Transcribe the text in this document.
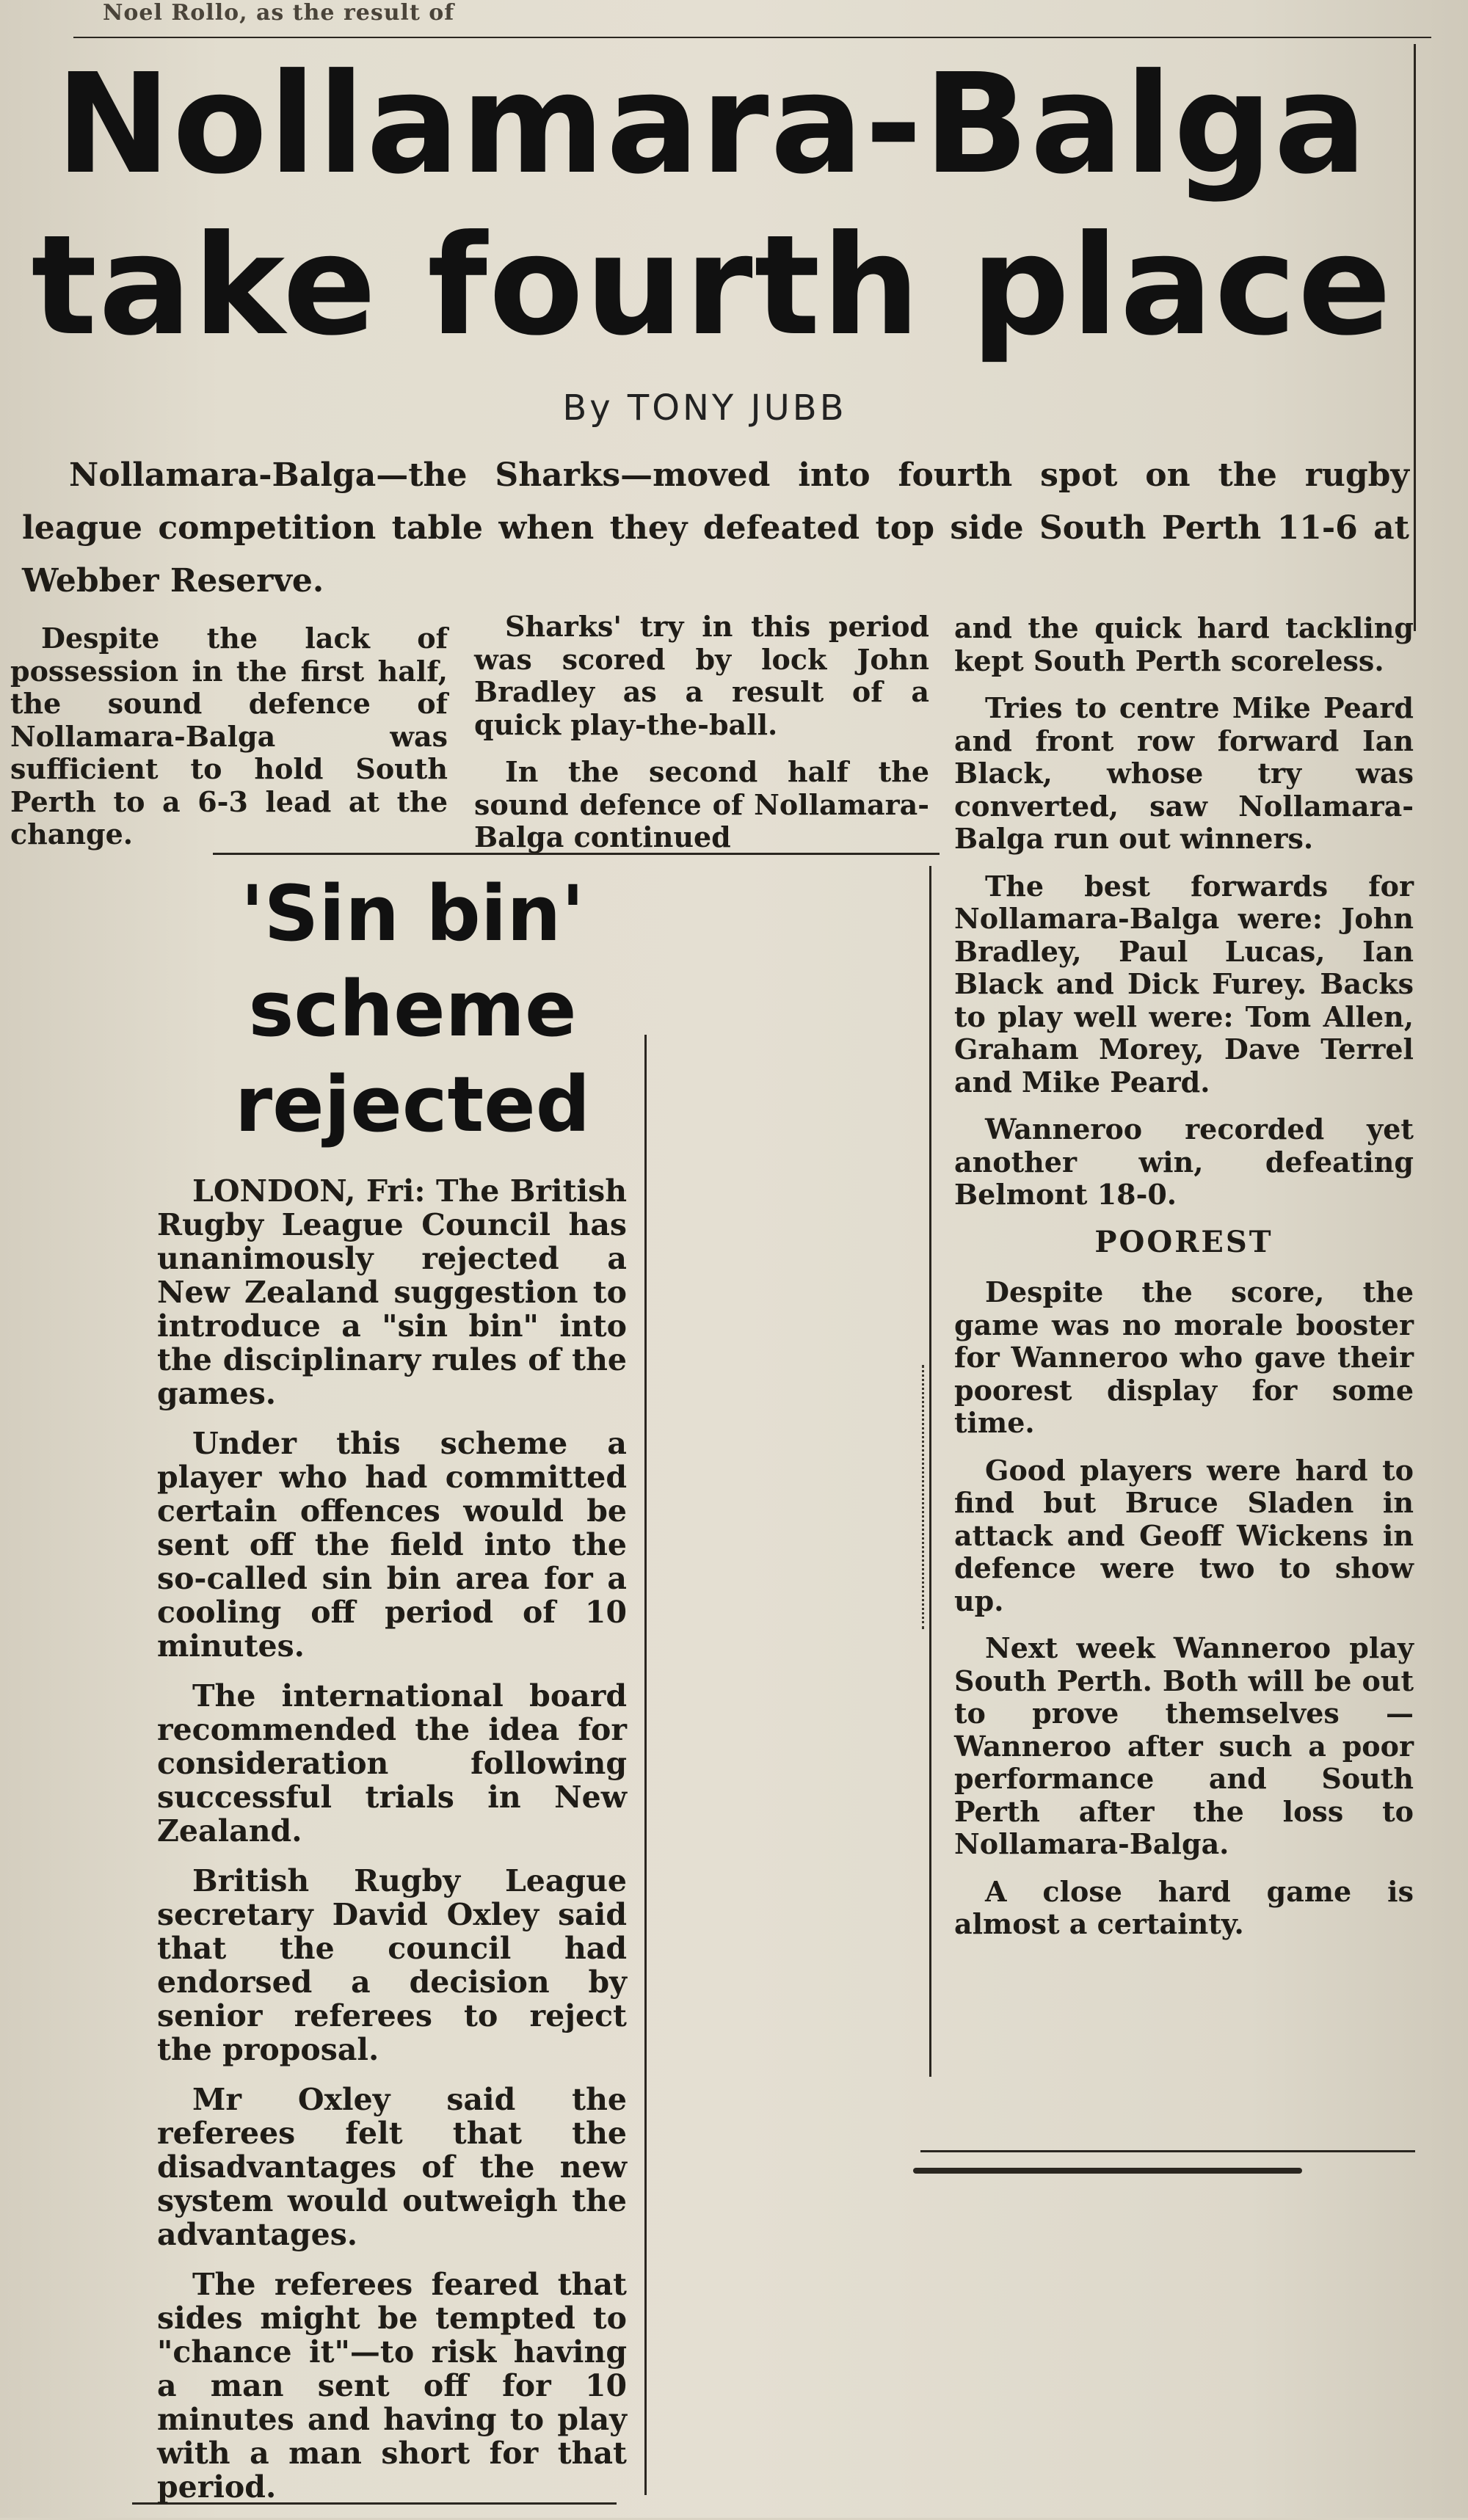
Noel Rollo, as the result of
Nollamara-Balga take fourth place
By TONY JUBB

Nollamara-Balga—the Sharks—moved into fourth spot on the rugby league competition table when they defeated top side South Perth 11-6 at Webber Reserve.

Despite the lack of possession in the first half, the sound defence of Nollamara-Balga was sufficient to hold South Perth to a 6-3 lead at the change.

Sharks' try in this period was scored by lock John Bradley as a result of a quick play-the-ball.

In the second half the sound defence of Nollamara-Balga continued

and the quick hard tackling kept South Perth scoreless.

Tries to centre Mike Peard and front row forward Ian Black, whose try was converted, saw Nollamara-Balga run out winners.

The best forwards for Nollamara-Balga were: John Bradley, Paul Lucas, Ian Black and Dick Furey. Backs to play well were: Tom Allen, Graham Morey, Dave Terrel and Mike Peard.

Wanneroo recorded yet another win, defeating Belmont 18-0.

POOREST

Despite the score, the game was no morale booster for Wanneroo who gave their poorest display for some time.

Good players were hard to find but Bruce Sladen in attack and Geoff Wickens in defence were two to show up.

Next week Wanneroo play South Perth. Both will be out to prove themselves — Wanneroo after such a poor performance and South Perth after the loss to Nollamara-Balga.

A close hard game is almost a certainty.

'Sin bin' scheme rejected

LONDON, Fri: The British Rugby League Council has unanimously rejected a New Zealand suggestion to introduce a "sin bin" into the disciplinary rules of the games.

Under this scheme a player who had committed certain offences would be sent off the field into the so-called sin bin area for a cooling off period of 10 minutes.

The international board recommended the idea for consideration following successful trials in New Zealand.

British Rugby League secretary David Oxley said that the council had endorsed a decision by senior referees to reject the proposal.

Mr Oxley said the referees felt that the disadvantages of the new system would outweigh the advantages.

The referees feared that sides might be tempted to "chance it"—to risk having a man sent off for 10 minutes and having to play with a man short for that period.
